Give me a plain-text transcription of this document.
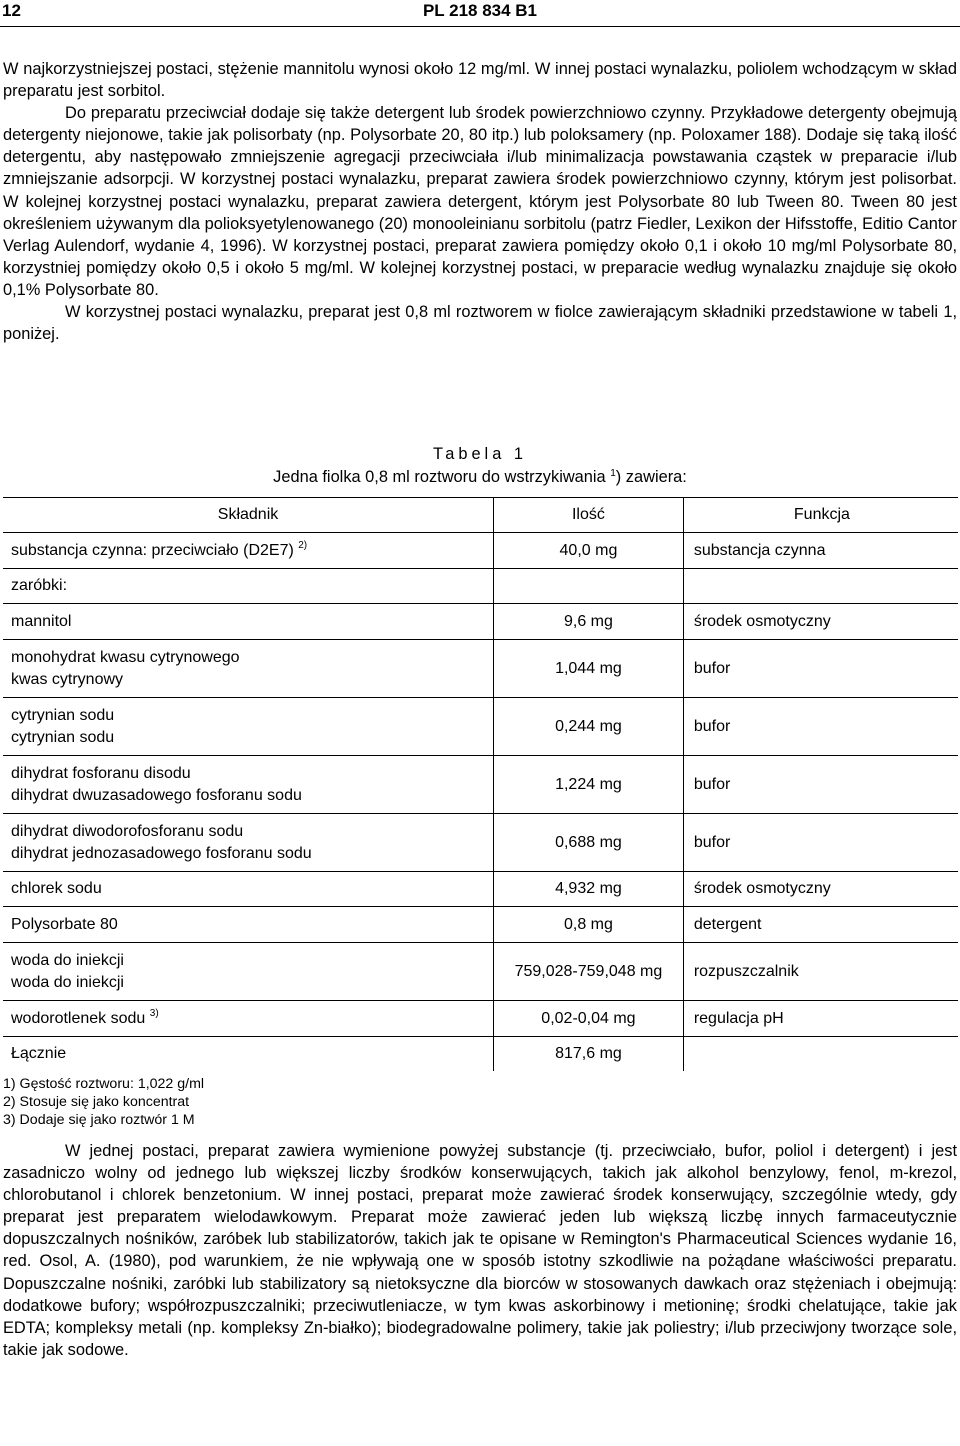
12	PL 218 834 B1

W najkorzystniejszej postaci, stężenie mannitolu wynosi około 12 mg/ml. W innej postaci wynalazku, poliolem wchodzącym w skład preparatu jest sorbitol.

Do preparatu przeciwciał dodaje się także detergent lub środek powierzchniowo czynny. Przykładowe detergenty obejmują detergenty niejonowe, takie jak polisorbaty (np. Polysorbate 20, 80 itp.) lub poloksamery (np. Poloxamer 188). Dodaje się taką ilość detergentu, aby następowało zmniejszenie agregacji przeciwciała i/lub minimalizacja powstawania cząstek w preparacie i/lub zmniejszanie adsorpcji. W korzystnej postaci wynalazku, preparat zawiera środek powierzchniowo czynny, którym jest polisorbat. W kolejnej korzystnej postaci wynalazku, preparat zawiera detergent, którym jest Polysorbate 80 lub Tween 80. Tween 80 jest określeniem używanym dla polioksyetylenowanego (20) monooleinianu sorbitolu (patrz Fiedler, Lexikon der Hifsstoffe, Editio Cantor Verlag Aulendorf, wydanie 4, 1996). W korzystnej postaci, preparat zawiera pomiędzy około 0,1 i około 10 mg/ml Polysorbate 80, korzystniej pomiędzy około 0,5 i około 5 mg/ml. W kolejnej korzystnej postaci, w preparacie według wynalazku znajduje się około 0,1% Polysorbate 80.

W korzystnej postaci wynalazku, preparat jest 0,8 ml roztworem w fiolce zawierającym składniki przedstawione w tabeli 1, poniżej.

Tabela 1
Jedna fiolka 0,8 ml roztworu do wstrzykiwania $^1$) zawiera:
Składnik	Ilość	Funkcja
substancja czynna: przeciwciało (D2E7) $^{2)}$	40,0 mg	substancja czynna
zaróbki:		
mannitol	9,6 mg	środek osmotyczny

monohydrat kwasu cytrynowego
kwas cytrynowy	1,044 mg	bufor

cytrynian sodu
cytrynian sodu	0,244 mg	bufor

dihydrat fosforanu disodu
dihydrat dwuzasadowego fosforanu sodu	1,224 mg	bufor

dihydrat diwodorofosforanu sodu
dihydrat jednozasadowego fosforanu sodu	0,688 mg	bufor
chlorek sodu	4,932 mg	środek osmotyczny
Polysorbate 80	0,8 mg	detergent

woda do iniekcji
woda do iniekcji	759,028-759,048 mg	rozpuszczalnik
wodorotlenek sodu $^{3)}$	0,02-0,04 mg	regulacja pH
Łącznie	817,6 mg	
1) Gęstość roztworu: 1,022 g/ml
2) Stosuje się jako koncentrat
3) Dodaje się jako roztwór 1 M

W jednej postaci, preparat zawiera wymienione powyżej substancje (tj. przeciwciało, bufor, poliol i detergent) i jest zasadniczo wolny od jednego lub większej liczby środków konserwujących, takich jak alkohol benzylowy, fenol, m-krezol, chlorobutanol i chlorek benzetonium. W innej postaci, preparat może zawierać środek konserwujący, szczególnie wtedy, gdy preparat jest preparatem wielodawkowym. Preparat może zawierać jeden lub większą liczbę innych farmaceutycznie dopuszczalnych nośników, zaróbek lub stabilizatorów, takich jak te opisane w Remington's Pharmaceutical Sciences wydanie 16, red. Osol, A. (1980), pod warunkiem, że nie wpływają one w sposób istotny szkodliwie na pożądane właściwości preparatu. Dopuszczalne nośniki, zaróbki lub stabilizatory są nietoksyczne dla biorców w stosowanych dawkach oraz stężeniach i obejmują: dodatkowe bufory; współrozpuszczalniki; przeciwutleniacze, w tym kwas askorbinowy i metioninę; środki chelatujące, takie jak EDTA; kompleksy metali (np. kompleksy Zn-białko); biodegradowalne polimery, takie jak poliestry; i/lub przeciwjony tworzące sole, takie jak sodowe.
